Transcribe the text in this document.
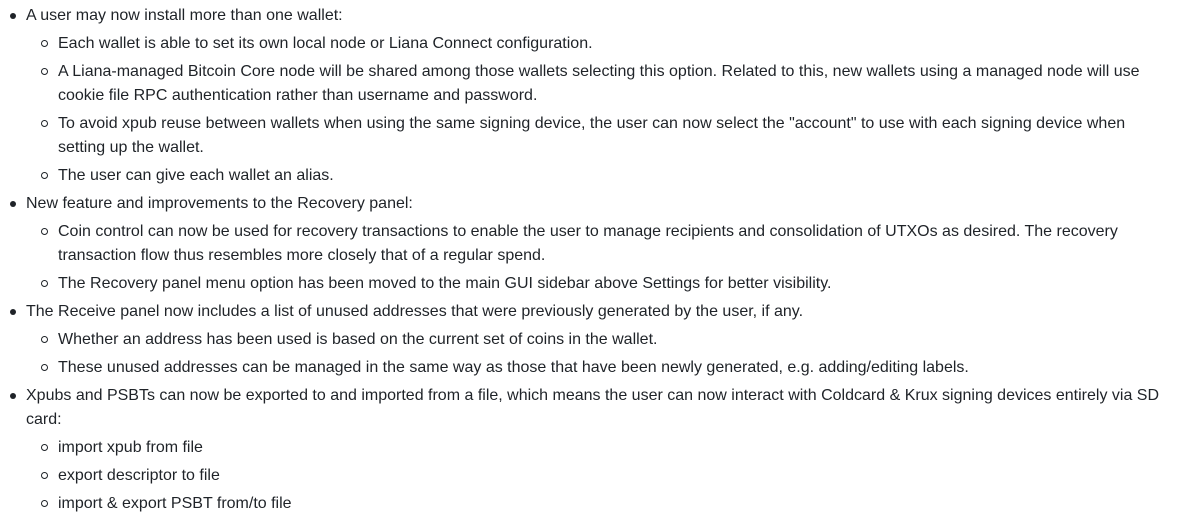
A user may now install more than one wallet:
Each wallet is able to set its own local node or Liana Connect configuration.
A Liana-managed Bitcoin Core node will be shared among those wallets selecting this option. Related to this, new wallets using a managed node will use cookie file RPC authentication rather than username and password.
To avoid xpub reuse between wallets when using the same signing device, the user can now select the "account" to use with each signing device when setting up the wallet.
The user can give each wallet an alias.
New feature and improvements to the Recovery panel:
Coin control can now be used for recovery transactions to enable the user to manage recipients and consolidation of UTXOs as desired. The recovery transaction flow thus resembles more closely that of a regular spend.
The Recovery panel menu option has been moved to the main GUI sidebar above Settings for better visibility.
The Receive panel now includes a list of unused addresses that were previously generated by the user, if any.
Whether an address has been used is based on the current set of coins in the wallet.
These unused addresses can be managed in the same way as those that have been newly generated, e.g. adding/editing labels.
Xpubs and PSBTs can now be exported to and imported from a file, which means the user can now interact with Coldcard & Krux signing devices entirely via SD card:
import xpub from file
export descriptor to file
import & export PSBT from/to file
